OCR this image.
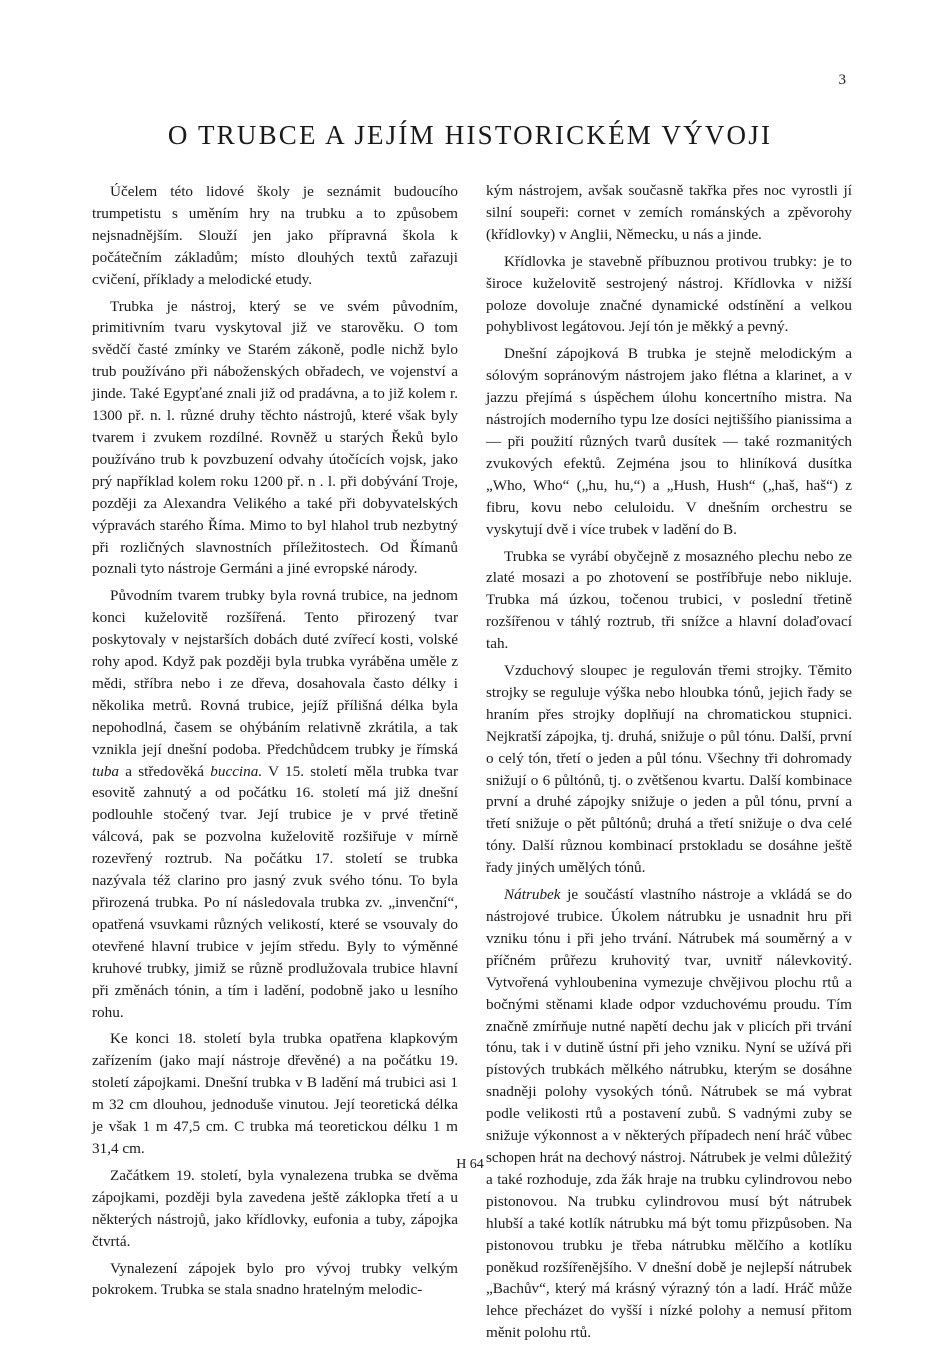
3
O TRUBCE A JEJÍM HISTORICKÉM VÝVOJI

Účelem této lidové školy je seznámit budoucího trumpetistu s uměním hry na trubku a to způsobem nejsnadnějším. Slouží jen jako přípravná škola k počátečním základům; místo dlouhých textů zařazuji cvičení, příklady a melodické etudy.

Trubka je nástroj, který se ve svém původním, primitivním tvaru vyskytoval již ve starověku. O tom svědčí časté zmínky ve Starém zákoně, podle nichž bylo trub používáno při náboženských obřadech, ve vojenství a jinde. Také Egypťané znali již od pradávna, a to již kolem r. 1300 př. n. l. různé druhy těchto nástrojů, které však byly tvarem i zvukem rozdílné. Rovněž u starých Řeků bylo používáno trub k povzbuzení odvahy útočících vojsk, jako prý například kolem roku 1200 př. n . l. při dobývání Troje, později za Alexandra Velikého a také při dobyvatelských výpravách starého Říma. Mimo to byl hlahol trub nezbytný při rozličných slavnostních příležitostech. Od Římanů poznali tyto nástroje Germáni a jiné evropské národy.

Původním tvarem trubky byla rovná trubice, na jednom konci kuželovitě rozšířená. Tento přirozený tvar poskytovaly v nejstarších dobách duté zvířecí kosti, volské rohy apod. Když pak později byla trubka vyráběna uměle z mědi, stříbra nebo i ze dřeva, dosahovala často délky i několika metrů. Rovná trubice, jejíž přílišná délka byla nepohodlná, časem se ohýbáním relativně zkrátila, a tak vznikla její dnešní podoba. Předchůdcem trubky je římská tuba a středověká buccina. V 15. století měla trubka tvar esovitě zahnutý a od počátku 16. století má již dnešní podlouhle stočený tvar. Její trubice je v prvé třetině válcová, pak se pozvolna kuželovitě rozšiřuje v mírně rozevřený roztrub. Na počátku 17. století se trubka nazývala též clarino pro jasný zvuk svého tónu. To byla přirozená trubka. Po ní následovala trubka zv. „invenční“, opatřená vsuvkami různých velikostí, které se vsouvaly do otevřené hlavní trubice v jejím středu. Byly to výměnné kruhové trubky, jimiž se různě prodlužovala trubice hlavní při změnách tónin, a tím i ladění, podobně jako u lesního rohu.

Ke konci 18. století byla trubka opatřena klapkovým zařízením (jako mají nástroje dřevěné) a na počátku 19. století zápojkami. Dnešní trubka v B ladění má trubici asi 1 m 32 cm dlouhou, jednoduše vinutou. Její teoretická délka je však 1 m 47,5 cm. C trubka má teoretickou délku 1 m 31,4 cm.

Začátkem 19. století, byla vynalezena trubka se dvěma zápojkami, později byla zavedena ještě záklopka třetí a u některých nástrojů, jako křídlovky, eufonia a tuby, zápojka čtvrtá.

Vynalezení zápojek bylo pro vývoj trubky velkým pokrokem. Trubka se stala snadno hratelným melodic-

kým nástrojem, avšak současně takřka přes noc vyrostli jí silní soupeři: cornet v zemích románských a zpěvorohy (křídlovky) v Anglii, Německu, u nás a jinde.

Křídlovka je stavebně příbuznou protivou trubky: je to široce kuželovitě sestrojený nástroj. Křídlovka v nižší poloze dovoluje značné dynamické odstínění a velkou pohyblivost legátovou. Její tón je měkký a pevný.

Dnešní zápojková B trubka je stejně melodickým a sólovým sopránovým nástrojem jako flétna a klarinet, a v jazzu přejímá s úspěchem úlohu koncertního mistra. Na nástrojích moderního typu lze dosíci nejtiššího pianissima a — při použití různých tvarů dusítek — také rozmanitých zvukových efektů. Zejména jsou to hliníková dusítka „Who, Who“ („hu, hu,“) a „Hush, Hush“ („haš, haš“) z fibru, kovu nebo celuloidu. V dnešním orchestru se vyskytují dvě i více trubek v ladění do B.

Trubka se vyrábí obyčejně z mosazného plechu nebo ze zlaté mosazi a po zhotovení se postříbřuje nebo nikluje. Trubka má úzkou, točenou trubici, v poslední třetině rozšířenou v táhlý roztrub, tři snížce a hlavní dolaďovací tah.

Vzduchový sloupec je regulován třemi strojky. Těmito strojky se reguluje výška nebo hloubka tónů, jejich řady se hraním přes strojky doplňují na chromatickou stupnici. Nejkratší zápojka, tj. druhá, snižuje o půl tónu. Další, první o celý tón, třetí o jeden a půl tónu. Všechny tři dohromady snižují o 6 půltónů, tj. o zvětšenou kvartu. Další kombinace první a druhé zápojky snižuje o jeden a půl tónu, první a třetí snižuje o pět půltónů; druhá a třetí snižuje o dva celé tóny. Další různou kombinací prstokladu se dosáhne ještě řady jiných umělých tónů.

Nátrubek je součástí vlastního nástroje a vkládá se do nástrojové trubice. Úkolem nátrubku je usnadnit hru při vzniku tónu i při jeho trvání. Nátrubek má souměrný a v příčném průřezu kruhovitý tvar, uvnitř nálevkovitý. Vytvořená vyhloubenina vymezuje chvějivou plochu rtů a bočnými stěnami klade odpor vzduchovému proudu. Tím značně zmírňuje nutné napětí dechu jak v plicích při trvání tónu, tak i v dutině ústní při jeho vzniku. Nyní se užívá při pístových trubkách mělkého nátrubku, kterým se dosáhne snadněji polohy vysokých tónů. Nátrubek se má vybrat podle velikosti rtů a postavení zubů. S vadnými zuby se snižuje výkonnost a v některých případech není hráč vůbec schopen hrát na dechový nástroj. Nátrubek je velmi důležitý a také rozhoduje, zda žák hraje na trubku cylindrovou nebo pistonovou. Na trubku cylindrovou musí být nátrubek hlubší a také kotlík nátrubku má být tomu přizpůsoben. Na pistonovou trubku je třeba nátrubku mělčího a kotlíku poněkud rozšířenějšího. V dnešní době je nejlepší nátrubek „Bachův“, který má krásný výrazný tón a ladí. Hráč může lehce přecházet do vyšší i nízké polohy a nemusí přitom měnit polohu rtů.

H 64
